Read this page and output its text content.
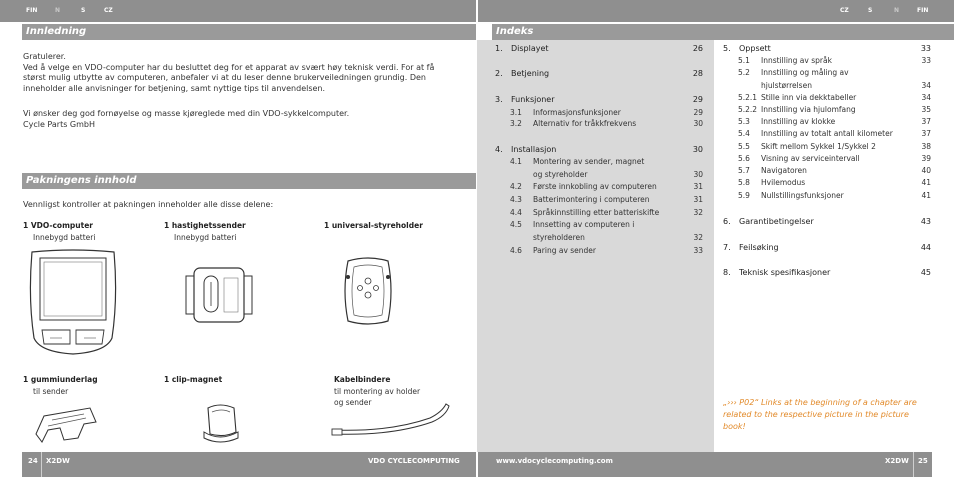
FIN	N	S	CZ	CZ	S	N	FIN
Innledning
Gratulerer.
Ved å velge en VDO-computer har du besluttet deg for et apparat av svært høy teknisk verdi. For at få
størst mulig utbytte av computeren, anbefaler vi at du leser denne brukerveiledningen grundig. Den
inneholder alle anvisninger for betjening, samt nyttige tips til anvendelsen.
Vi ønsker deg god fornøyelse og masse kjøreglede med din VDO-sykkelcomputer.
Cycle Parts GmbH
Pakningens innhold
Vennligst kontroller at pakningen inneholder alle disse delene:
1 VDO-computer
Innebygd batteri
1 hastighetssender
Innebygd batteri
1 universal-styreholder
1 gummiunderlag
til sender
1 clip-magnet	Kabelbindere
til montering av holder
og sender
Indeks
1. Displayet	26
2. Betjening	28
3. Funksjoner	29
3.1 Informasjonsfunksjoner	29
3.2 Alternativ for tråkkfrekvens	30
4. Installasjon	30
4.1 Montering av sender, magnet
og styreholder	30
4.2 Første innkobling av computeren	31
4.3 Batterimontering i computeren	31
4.4 Språkinnstilling etter batteriskifte	32
4.5 Innsetting av computeren i
styreholderen	32
4.6 Paring av sender	33
5. Oppsett	33
5.1 Innstilling av språk	33
5.2 Innstilling og måling av
hjulstørrelsen	34
5.2.1 Stille inn via dekktabeller	34
5.2.2 Innstilling via hjulomfang	35
5.3 Innstilling av klokke	37
5.4 Innstilling av totalt antall kilometer	37
5.5 Skift mellom Sykkel 1/Sykkel 2	38
5.6 Visning av serviceintervall	39
5.7 Navigatoren	40
5.8 Hvilemodus	41
5.9 Nullstillingsfunksjoner	41
6. Garantibetingelser	43
7. Feilsøking	44
8. Teknisk spesifikasjoner	45
„››› P02“ Links at the beginning of a chapter are
related to the respective picture in the picture
book!
24 X2DW	VDO CYCLECOMPUTING	www.vdocyclecomputing.com	X2DW 25
